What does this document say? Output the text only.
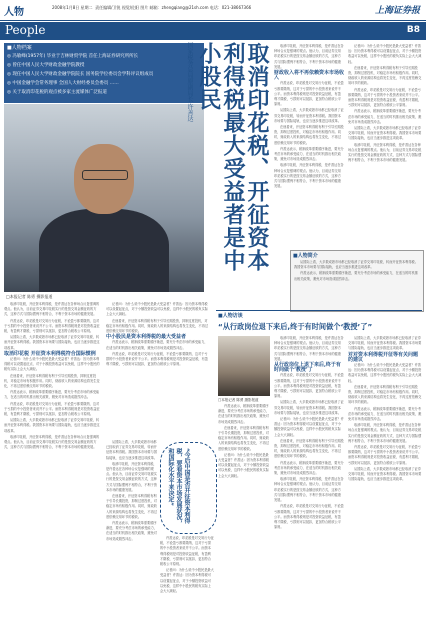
人物	2008年1月8日 星期二 责任编辑/卫锐 视觉/佐阳 图片 邮箱：zhengqiang@21sh.com 电话：021-38667366	上海证券报
People	B8
■人物档案
◎ 冯敏峰(1957年) 毕业于吉林财贸学院 首任上海证券研究所所长
◎ 曾任中国人民大学财政金融学院教授
◎ 现任中国人民大学财政金融学院院长 国务院学位委员会学科评议组成员
◎ 中国金融学会常务理事 全国人大财经委员会委员 ……
◎ 关于取消印花税的观点被多家主流媒体广泛报道
□本报记者 陈勇 摄影报道
取消印花税、开征资本利得税最大受益者是中小股民
国家税务总局原副局长 许善达	取消印花税，开征资本利得税，是许善达在各种场合反复强调的观点。他认为，目前证券交易印花税实行的是按交易金额征收的方式，这种方式与国际惯例不相符合，不利于资本市场的健康发展。

财政收入将不再依赖资本市场收入

许善达说，印花税是对交易行为征税，不论盈亏都要缴纳，这对于亏损的中小投资者来说并不公平。而资本利得税则是对投资收益征税，有盈利才缴税，亏损则可以抵扣，更加符合税收公平原则。

从国际上看，大多数成熟市场都已经取消了证券交易印花税，转而开征资本利得税。我国资本市场要与国际接轨，也应当逐步推进这项改革。

在他看来，开征资本利得税有利于引导长期投资，抑制过度投机，对稳定市场有积极作用。同时，财政收入的来源结构也将发生变化，不再过度依赖交易环节的税收。

许善达表示，税制改革需要循序渐进，要充分考虑市场的承受能力，在适当的时机推出相关政策，避免对市场造成剧烈冲击。

取消印花税，开征资本利得税，是许善达在各种场合反复强调的观点。他认为，目前证券交易印花税实行的是按交易金额征收的方式，这种方式与国际惯例不相符合，不利于资本市场的健康发展。

记者问：为什么说中小股民是最大受益者？许善达：因为资本利得税可以设置起征点，对于小额投资收益可以免税，这样中小股民的税负实际上会大大减轻。

在他看来，开征资本利得税有利于引导长期投资，抑制过度投机，对稳定市场有积极作用。同时，财政收入的来源结构也将发生变化，不再过度依赖交易环节的税收。

许善达说，印花税是对交易行为征税，不论盈亏都要缴纳，这对于亏损的中小投资者来说并不公平。而资本利得税则是对投资收益征税，有盈利才缴税，亏损则可以抵扣，更加符合税收公平原则。

许善达表示，税制改革需要循序渐进，要充分考虑市场的承受能力，在适当的时机推出相关政策，避免对市场造成剧烈冲击。

从国际上看，大多数成熟市场都已经取消了证券交易印花税，转而开征资本利得税。我国资本市场要与国际接轨，也应当逐步推进这项改革。

取消印花税，开征资本利得税，是许善达在各种场合反复强调的观点。他认为，目前证券交易印花税实行的是按交易金额征收的方式，这种方式与国际惯例不相符合，不利于资本市场的健康发展。

■人物简介

从国际上看，大多数成熟市场都已经取消了证券交易印花税，转而开征资本利得税。我国资本市场要与国际接轨，也应当逐步推进这项改革。

许善达表示，税制改革需要循序渐进，要充分考虑市场的承受能力，在适当的时机推出相关政策，避免对市场造成剧烈冲击。

取消印花税，开征资本利得税，是许善达在各种场合反复强调的观点。他认为，目前证券交易印花税实行的是按交易金额征收的方式，这种方式与国际惯例不相符合，不利于资本市场的健康发展。

许善达说，印花税是对交易行为征税，不论盈亏都要缴纳，这对于亏损的中小投资者来说并不公平。而资本利得税则是对投资收益征税，有盈利才缴税，亏损则可以抵扣，更加符合税收公平原则。

从国际上看，大多数成熟市场都已经取消了证券交易印花税，转而开征资本利得税。我国资本市场要与国际接轨，也应当逐步推进这项改革。

取消印花税 开征资本利得税符合国际惯例

记者问：为什么说中小股民是最大受益者？许善达：因为资本利得税可以设置起征点，对于小额投资收益可以免税，这样中小股民的税负实际上会大大减轻。

在他看来，开征资本利得税有利于引导长期投资，抑制过度投机，对稳定市场有积极作用。同时，财政收入的来源结构也将发生变化，不再过度依赖交易环节的税收。

许善达表示，税制改革需要循序渐进，要充分考虑市场的承受能力，在适当的时机推出相关政策，避免对市场造成剧烈冲击。

许善达说，印花税是对交易行为征税，不论盈亏都要缴纳，这对于亏损的中小投资者来说并不公平。而资本利得税则是对投资收益征税，有盈利才缴税，亏损则可以抵扣，更加符合税收公平原则。

从国际上看，大多数成熟市场都已经取消了证券交易印花税，转而开征资本利得税。我国资本市场要与国际接轨，也应当逐步推进这项改革。

取消印花税，开征资本利得税，是许善达在各种场合反复强调的观点。他认为，目前证券交易印花税实行的是按交易金额征收的方式，这种方式与国际惯例不相符合，不利于资本市场的健康发展。

记者问：为什么说中小股民是最大受益者？许善达：因为资本利得税可以设置起征点，对于小额投资收益可以免税，这样中小股民的税负实际上会大大减轻。

在他看来，开征资本利得税有利于引导长期投资，抑制过度投机，对稳定市场有积极作用。同时，财政收入的来源结构也将发生变化，不再过度依赖交易环节的税收。

中小股民是资本利得税的最大受益者

许善达表示，税制改革需要循序渐进，要充分考虑市场的承受能力，在适当的时机推出相关政策，避免对市场造成剧烈冲击。

许善达说，印花税是对交易行为征税，不论盈亏都要缴纳，这对于亏损的中小投资者来说并不公平。而资本利得税则是对投资收益征税，有盈利才缴税，亏损则可以抵扣，更加符合税收公平原则。

从国际上看，大多数成熟市场都已经取消了证券交易印花税，转而开征资本利得税。我国资本市场要与国际接轨，也应当逐步推进这项改革。

取消印花税，开征资本利得税，是许善达在各种场合反复强调的观点。他认为，目前证券交易印花税实行的是按交易金额征收的方式，这种方式与国际惯例不相符合，不利于资本市场的健康发展。

在他看来，开征资本利得税有利于引导长期投资，抑制过度投机，对稳定市场有积极作用。同时，财政收入的来源结构也将发生变化，不再过度依赖交易环节的税收。

许善达表示，税制改革需要循序渐进，要充分考虑市场的承受能力，在适当的时机推出相关政策，避免对市场造成剧烈冲击。

“今后中国是否开征资本利得税，要看资本市场发展状况，和国际化水平来决定”

许善达说，印花税是对交易行为征税，不论盈亏都要缴纳，这对于亏损的中小投资者来说并不公平。而资本利得税则是对投资收益征税，有盈利才缴税，亏损则可以抵扣，更加符合税收公平原则。

记者问：为什么说中小股民是最大受益者？许善达：因为资本利得税可以设置起征点，对于小额投资收益可以免税，这样中小股民的税负实际上会大大减轻。

■人物访谈
“从行政岗位退下来后,终于有时间做个‘教授’了”
□本报记者 陈勇 摄影报道

取消印花税，开征资本利得税，是许善达在各种场合反复强调的观点。他认为，目前证券交易印花税实行的是按交易金额征收的方式，这种方式与国际惯例不相符合，不利于资本市场的健康发展。

从行政岗位上退下来后,终于有时间做个‘教授’了

许善达说，印花税是对交易行为征税，不论盈亏都要缴纳，这对于亏损的中小投资者来说并不公平。而资本利得税则是对投资收益征税，有盈利才缴税，亏损则可以抵扣，更加符合税收公平原则。

从国际上看，大多数成熟市场都已经取消了证券交易印花税，转而开征资本利得税。我国资本市场要与国际接轨，也应当逐步推进这项改革。

记者问：为什么说中小股民是最大受益者？许善达：因为资本利得税可以设置起征点，对于小额投资收益可以免税，这样中小股民的税负实际上会大大减轻。

在他看来，开征资本利得税有利于引导长期投资，抑制过度投机，对稳定市场有积极作用。同时，财政收入的来源结构也将发生变化，不再过度依赖交易环节的税收。

许善达表示，税制改革需要循序渐进，要充分考虑市场的承受能力，在适当的时机推出相关政策，避免对市场造成剧烈冲击。

取消印花税，开征资本利得税，是许善达在各种场合反复强调的观点。他认为，目前证券交易印花税实行的是按交易金额征收的方式，这种方式与国际惯例不相符合，不利于资本市场的健康发展。

许善达说，印花税是对交易行为征税，不论盈亏都要缴纳，这对于亏损的中小投资者来说并不公平。而资本利得税则是对投资收益征税，有盈利才缴税，亏损则可以抵扣，更加符合税收公平原则。

从国际上看，大多数成熟市场都已经取消了证券交易印花税，转而开征资本利得税。我国资本市场要与国际接轨，也应当逐步推进这项改革。

对对资本利得税开征等有关问题的建议

记者问：为什么说中小股民是最大受益者？许善达：因为资本利得税可以设置起征点，对于小额投资收益可以免税，这样中小股民的税负实际上会大大减轻。

在他看来，开征资本利得税有利于引导长期投资，抑制过度投机，对稳定市场有积极作用。同时，财政收入的来源结构也将发生变化，不再过度依赖交易环节的税收。

许善达表示，税制改革需要循序渐进，要充分考虑市场的承受能力，在适当的时机推出相关政策，避免对市场造成剧烈冲击。

取消印花税，开征资本利得税，是许善达在各种场合反复强调的观点。他认为，目前证券交易印花税实行的是按交易金额征收的方式，这种方式与国际惯例不相符合，不利于资本市场的健康发展。

许善达说，印花税是对交易行为征税，不论盈亏都要缴纳，这对于亏损的中小投资者来说并不公平。而资本利得税则是对投资收益征税，有盈利才缴税，亏损则可以抵扣，更加符合税收公平原则。

从国际上看，大多数成熟市场都已经取消了证券交易印花税，转而开征资本利得税。我国资本市场要与国际接轨，也应当逐步推进这项改革。

许善达表示，税制改革需要循序渐进，要充分考虑市场的承受能力，在适当的时机推出相关政策，避免对市场造成剧烈冲击。

在他看来，开征资本利得税有利于引导长期投资，抑制过度投机，对稳定市场有积极作用。同时，财政收入的来源结构也将发生变化，不再过度依赖交易环节的税收。

记者问：为什么说中小股民是最大受益者？许善达：因为资本利得税可以设置起征点，对于小额投资收益可以免税，这样中小股民的税负实际上会大大减轻。
